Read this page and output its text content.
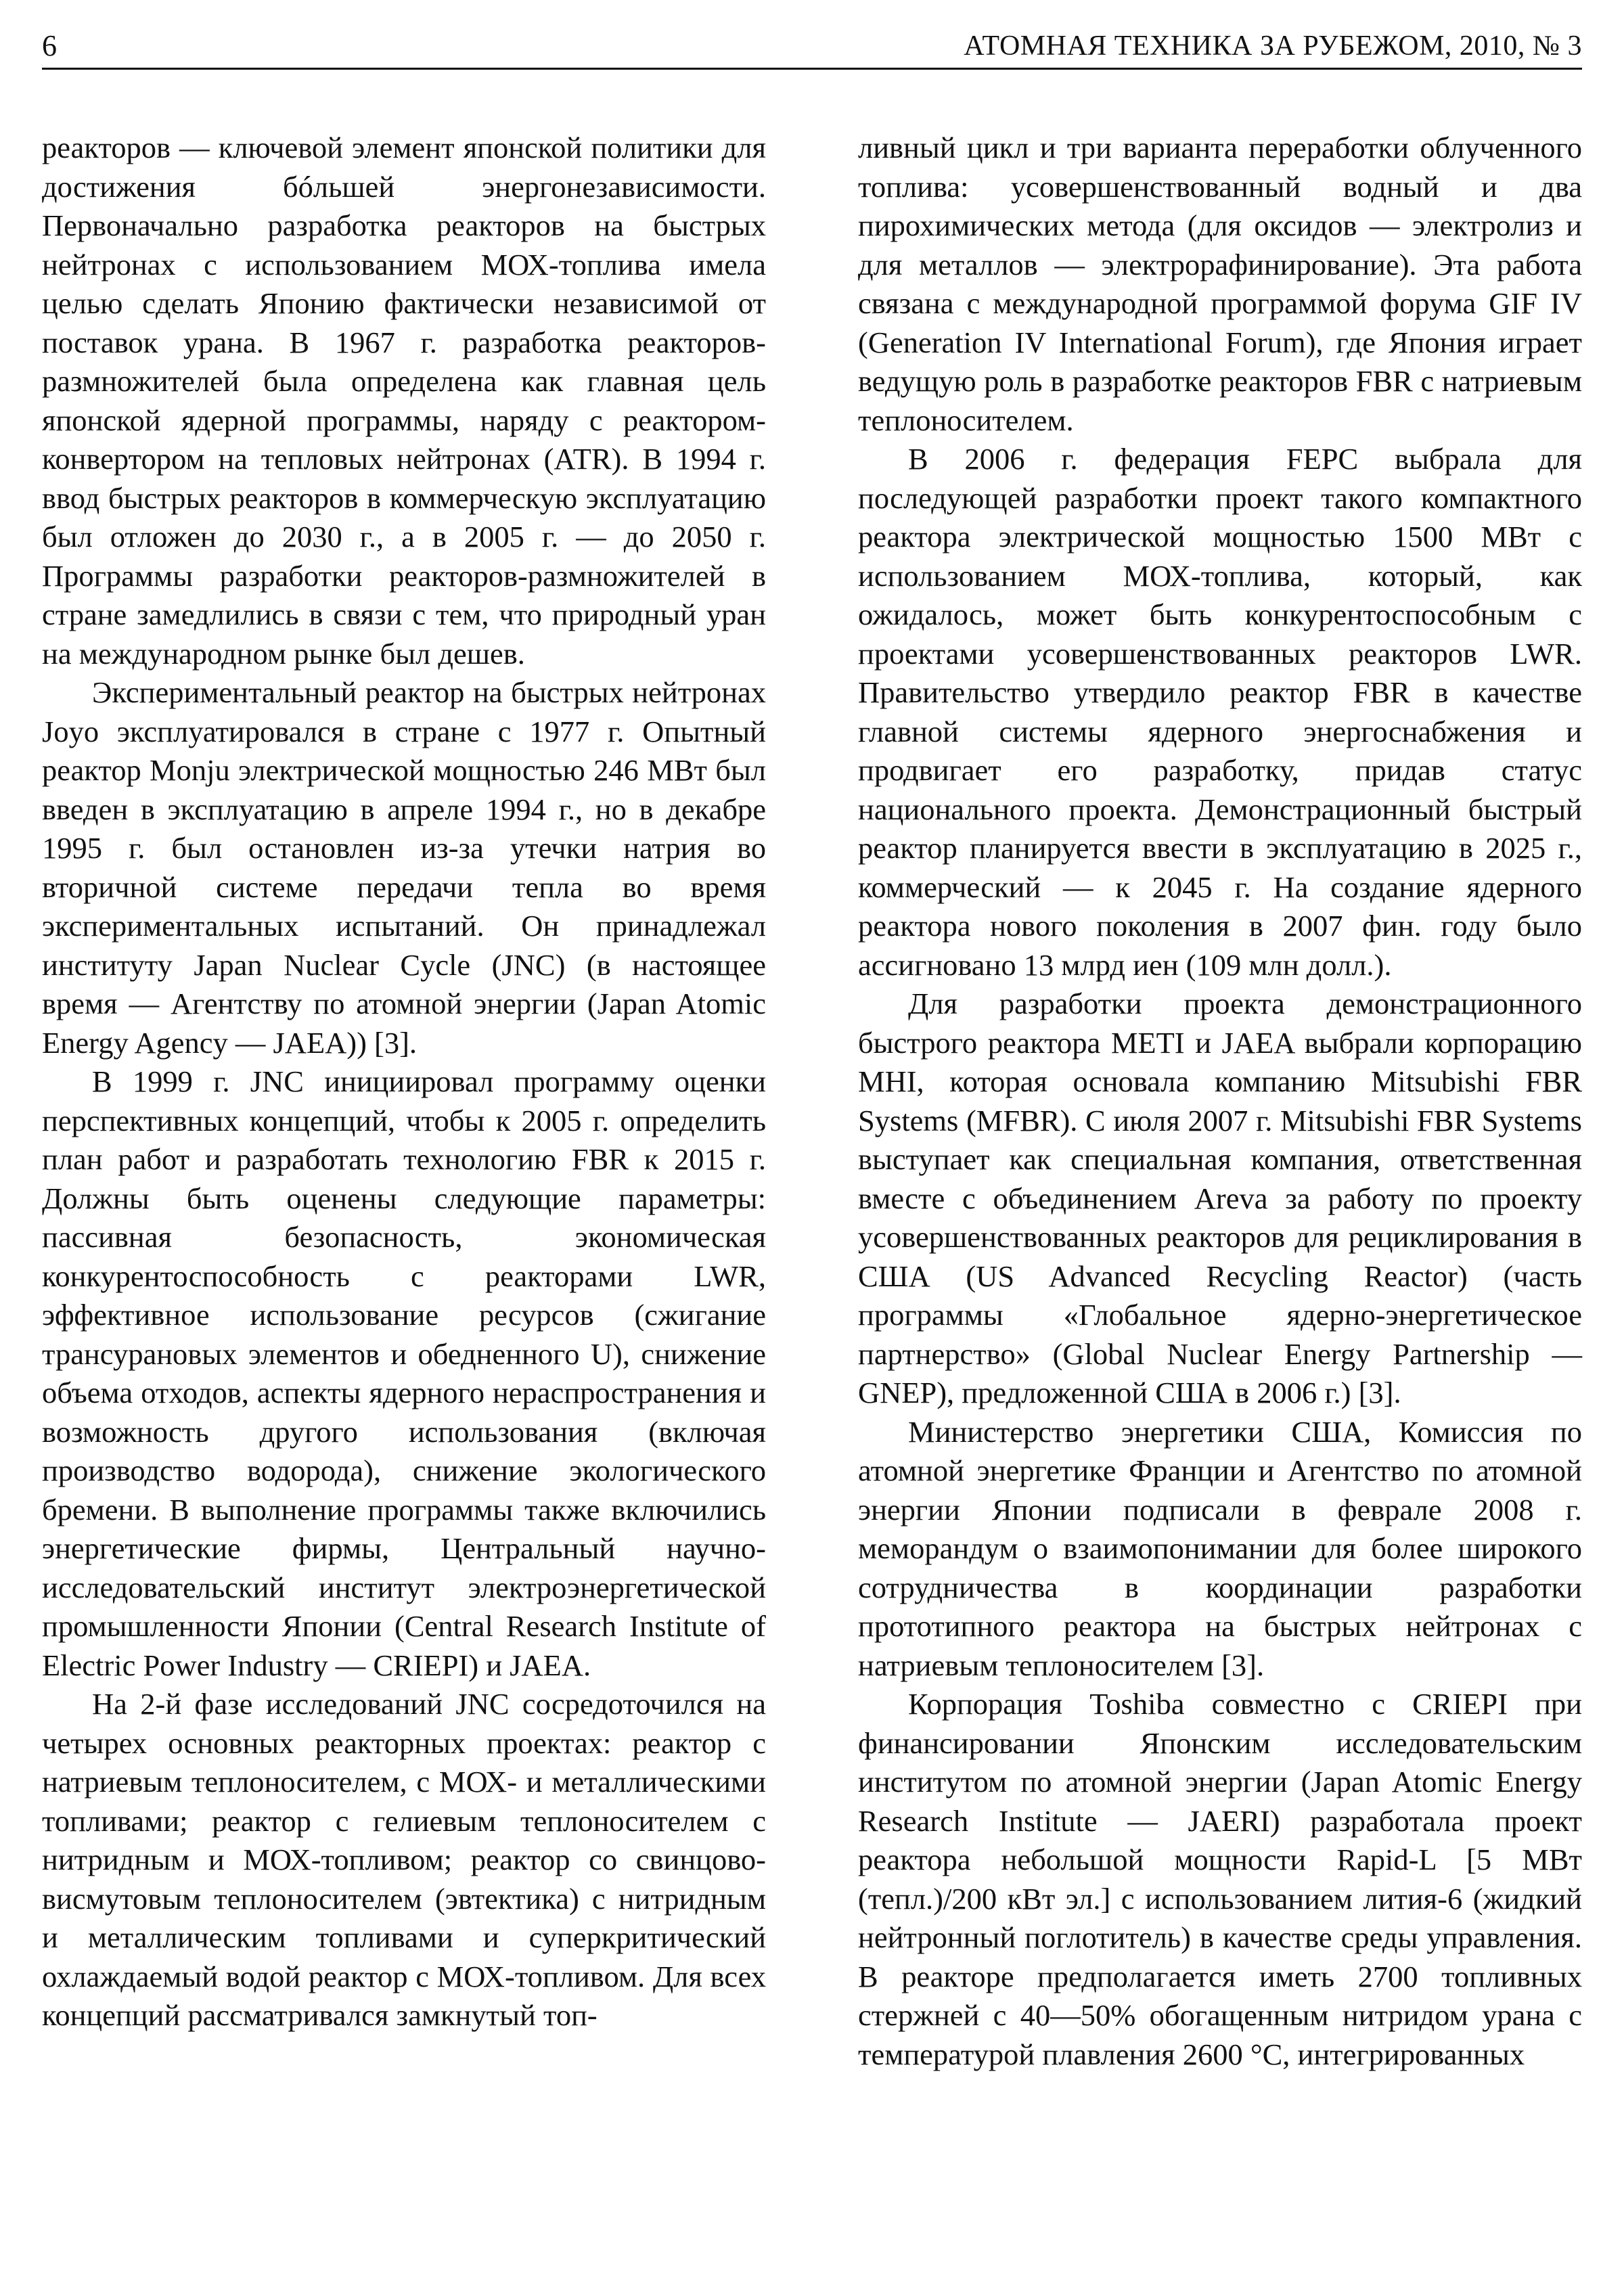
6	АТОМНАЯ ТЕХНИКА ЗА РУБЕЖОМ, 2010, № 3

реакторов — ключевой элемент японской политики для достижения бóльшей энергонезависимости. Первоначально разработка реакторов на быстрых нейтронах с использованием МОХ-топлива имела целью сделать Японию фактически независимой от поставок урана. В 1967 г. разработка реакторов-размножителей была определена как главная цель японской ядерной программы, наряду с реактором-конвертором на тепловых нейтронах (АТR). В 1994 г. ввод быстрых реакторов в коммерческую эксплуатацию был отложен до 2030 г., а в 2005 г. — до 2050 г. Программы разработки реакторов-размножителей в стране замедлились в связи с тем, что природный уран на международном рынке был дешев.

Экспериментальный реактор на быстрых нейтронах Joyo эксплуатировался в стране с 1977 г. Опытный реактор Monju электрической мощностью 246 МВт был введен в эксплуатацию в апреле 1994 г., но в декабре 1995 г. был остановлен из-за утечки натрия во вторичной системе передачи тепла во время экспериментальных испытаний. Он принадлежал институту Japan Nuclear Cycle (JNC) (в настоящее время — Агентству по атомной энергии (Japan Atomic Energy Agency — JAEA)) [3].

В 1999 г. JNC инициировал программу оценки перспективных концепций, чтобы к 2005 г. определить план работ и разработать технологию FBR к 2015 г. Должны быть оценены следующие параметры: пассивная безопасность, экономическая конкурентоспособность с реакторами LWR, эффективное использование ресурсов (сжигание трансурановых элементов и обедненного U), снижение объема отходов, аспекты ядерного нераспространения и возможность другого использования (включая производство водорода), снижение экологического бремени. В выполнение программы также включились энергетические фирмы, Центральный научно-исследовательский институт электроэнергетической промышленности Японии (Central Research Institute of Electric Power Industry — CRIEPI) и JAEA.

На 2-й фазе исследований JNC сосредоточился на четырех основных реакторных проектах: реактор с натриевым теплоносителем, с МОХ- и металлическими топливами; реактор с гелиевым теплоносителем с нитридным и МОХ-топливом; реактор со свинцово-висмутовым теплоносителем (эвтектика) с нитридным и металлическим топливами и суперкритический охлаждаемый водой реактор с МОХ-топливом. Для всех концепций рассматривался замкнутый топ-

ливный цикл и три варианта переработки облученного топлива: усовершенствованный водный и два пирохимических метода (для оксидов — электролиз и для металлов — электрорафинирование). Эта работа связана с международной программой форума GIF IV (Generation IV International Forum), где Япония играет ведущую роль в разработке реакторов FBR с натриевым теплоносителем.

В 2006 г. федерация FEPC выбрала для последующей разработки проект такого компактного реактора электрической мощностью 1500 МВт с использованием МОХ-топлива, который, как ожидалось, может быть конкурентоспособным с проектами усовершенствованных реакторов LWR. Правительство утвердило реактор FBR в качестве главной системы ядерного энергоснабжения и продвигает его разработку, придав статус национального проекта. Демонстрационный быстрый реактор планируется ввести в эксплуатацию в 2025 г., коммерческий — к 2045 г. На создание ядерного реактора нового поколения в 2007 фин. году было ассигновано 13 млрд иен (109 млн долл.).

Для разработки проекта демонстрационного быстрого реактора METI и JAEA выбрали корпорацию MHI, которая основала компанию Mitsubishi FBR Systems (MFBR). С июля 2007 г. Mitsubishi FBR Systems выступает как специальная компания, ответственная вместе с объединением Areva за работу по проекту усовершенствованных реакторов для рециклирования в США (US Advanced Recycling Reactor) (часть программы «Глобальное ядерно-энергетическое партнерство» (Global Nuclear Energy Partnership — GNEP), предложенной США в 2006 г.) [3].

Министерство энергетики США, Комиссия по атомной энергетике Франции и Агентство по атомной энергии Японии подписали в феврале 2008 г. меморандум о взаимопонимании для более широкого сотрудничества в координации разработки прототипного реактора на быстрых нейтронах с натриевым теплоносителем [3].

Корпорация Toshiba совместно с CRIEPI при финансировании Японским исследовательским институтом по атомной энергии (Japan Atomic Energy Research Institute — JAERI) разработала проект реактора небольшой мощности Rapid-L [5 МВт (тепл.)/200 кВт эл.] с использованием лития-6 (жидкий нейтронный поглотитель) в качестве среды управления. В реакторе предполагается иметь 2700 топливных стержней с 40—50% обогащенным нитридом урана с температурой плавления 2600 °С, интегрированных
